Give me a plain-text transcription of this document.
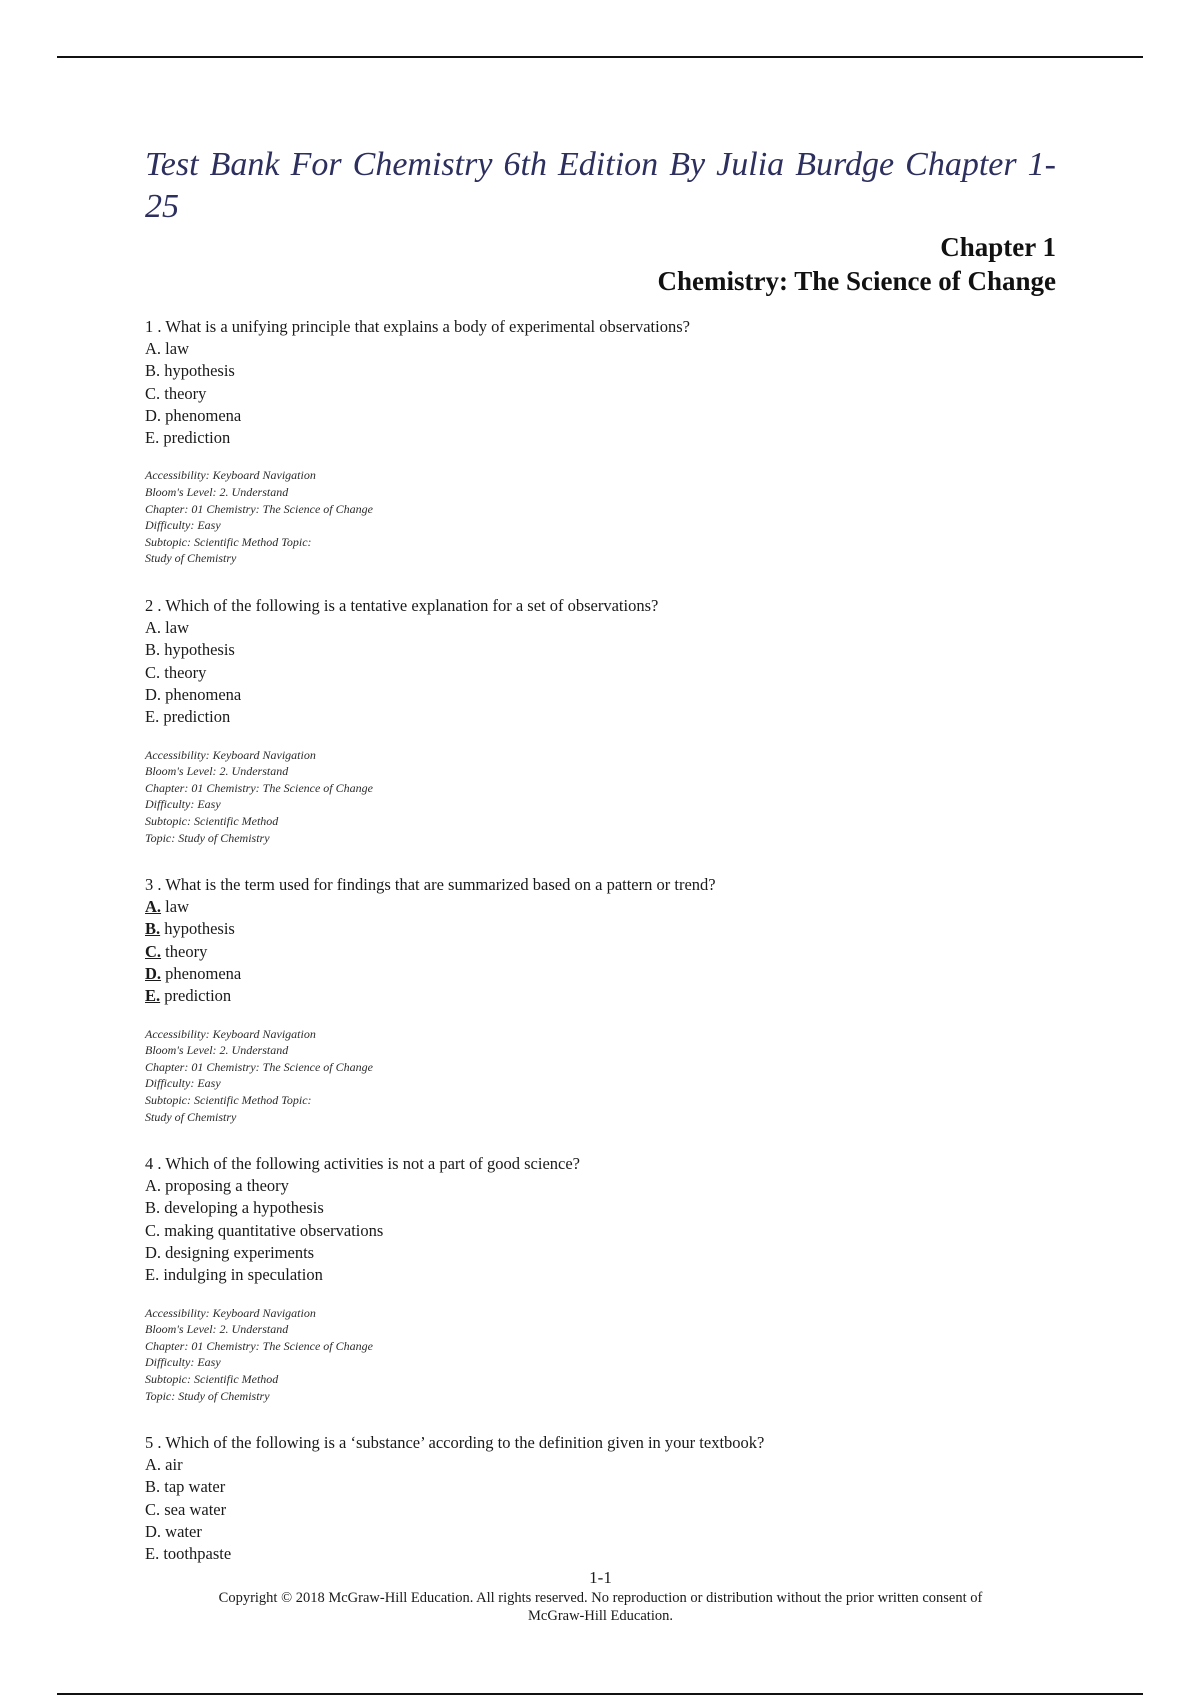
Test Bank For Chemistry 6th Edition By Julia Burdge Chapter 1-25
Chapter 1
Chemistry: The Science of Change
1 . What is a unifying principle that explains a body of experimental observations?
A. law
B. hypothesis
C. theory
D. phenomena
E. prediction
Accessibility: Keyboard Navigation
Bloom's Level: 2. Understand
Chapter: 01 Chemistry: The Science of Change
Difficulty: Easy
Subtopic: Scientific Method Topic:
Study of Chemistry
2 . Which of the following is a tentative explanation for a set of observations?
A. law
B. hypothesis
C. theory
D. phenomena
E. prediction
Accessibility: Keyboard Navigation
Bloom's Level: 2. Understand
Chapter: 01 Chemistry: The Science of Change
Difficulty: Easy
Subtopic: Scientific Method
Topic: Study of Chemistry
3 . What is the term used for findings that are summarized based on a pattern or trend?
A. law
B. hypothesis
C. theory
D. phenomena
E. prediction
Accessibility: Keyboard Navigation
Bloom's Level: 2. Understand
Chapter: 01 Chemistry: The Science of Change
Difficulty: Easy
Subtopic: Scientific Method Topic:
Study of Chemistry
4 . Which of the following activities is not a part of good science?
A. proposing a theory
B. developing a hypothesis
C. making quantitative observations
D. designing experiments
E. indulging in speculation
Accessibility: Keyboard Navigation
Bloom's Level: 2. Understand
Chapter: 01 Chemistry: The Science of Change
Difficulty: Easy
Subtopic: Scientific Method
Topic: Study of Chemistry
5 . Which of the following is a ‘substance’ according to the definition given in your textbook?
A. air
B. tap water
C. sea water
D. water
E. toothpaste
1-1
Copyright © 2018 McGraw-Hill Education. All rights reserved. No reproduction or distribution without the prior written consent of
McGraw-Hill Education.
